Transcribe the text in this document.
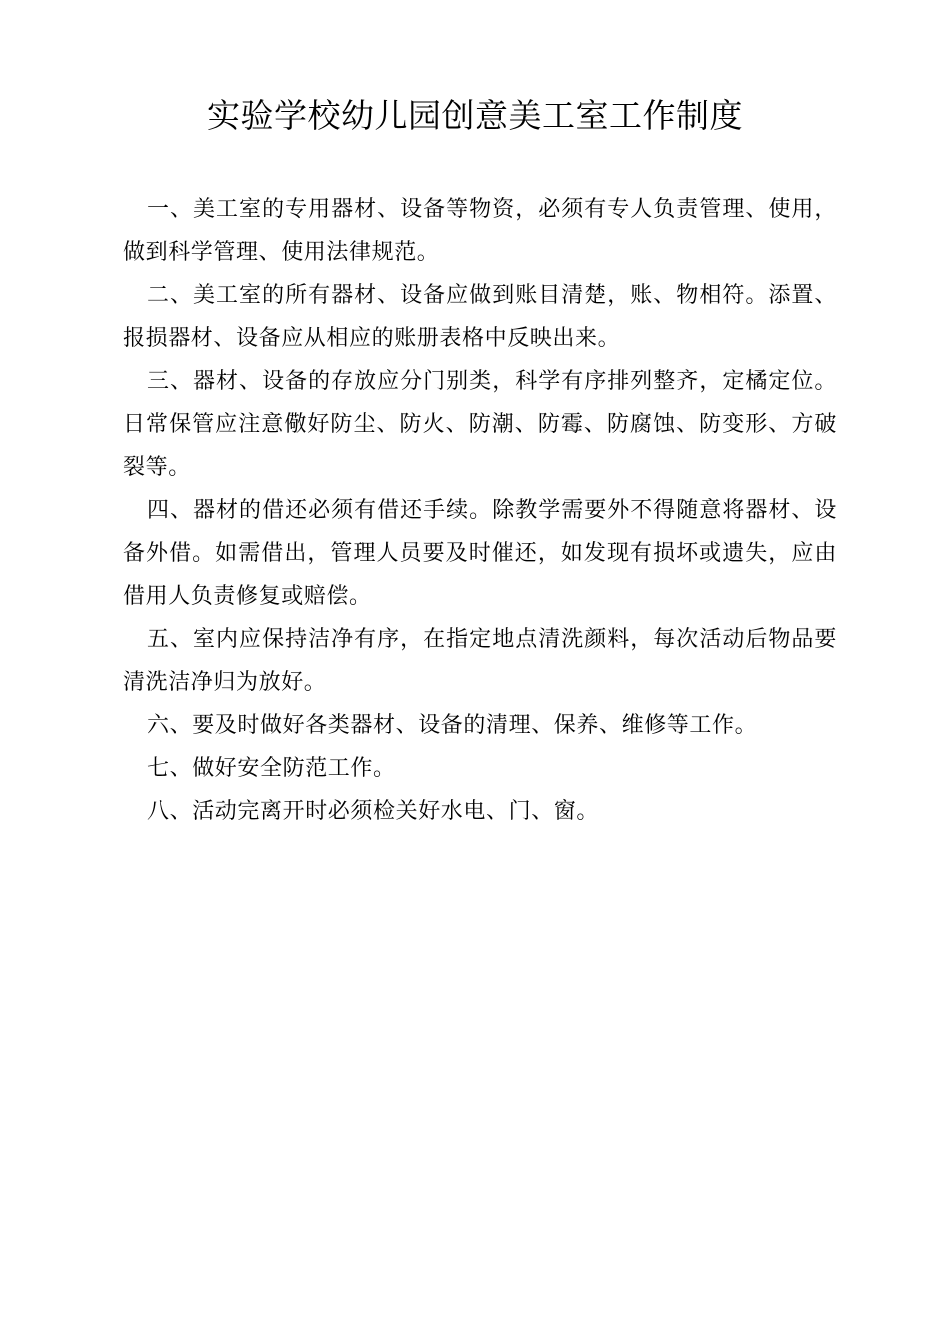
实验学校幼儿园创意美工室工作制度

一、美工室的专用器材、设备等物资，必须有专人负责管理、使用，做到科学管理、使用法律规范。

二、美工室的所有器材、设备应做到账目清楚，账、物相符。添置、报损器材、设备应从相应的账册表格中反映出来。

三、器材、设备的存放应分门别类，科学有序排列整齐，定橘定位。日常保管应注意儆好防尘、防火、防潮、防霉、防腐蚀、防变形、方破裂等。

四、器材的借还必须有借还手续。除教学需要外不得随意将器材、设备外借。如需借出，管理人员要及时催还，如发现有损坏或遗失，应由借用人负责修复或赔偿。

五、室内应保持洁净有序，在指定地点清洗颜料，每次活动后物品要清洗洁净归为放好。

六、要及时做好各类器材、设备的清理、保养、维修等工作。

七、做好安全防范工作。

八、活动完离开时必须检关好水电、门、窗。
